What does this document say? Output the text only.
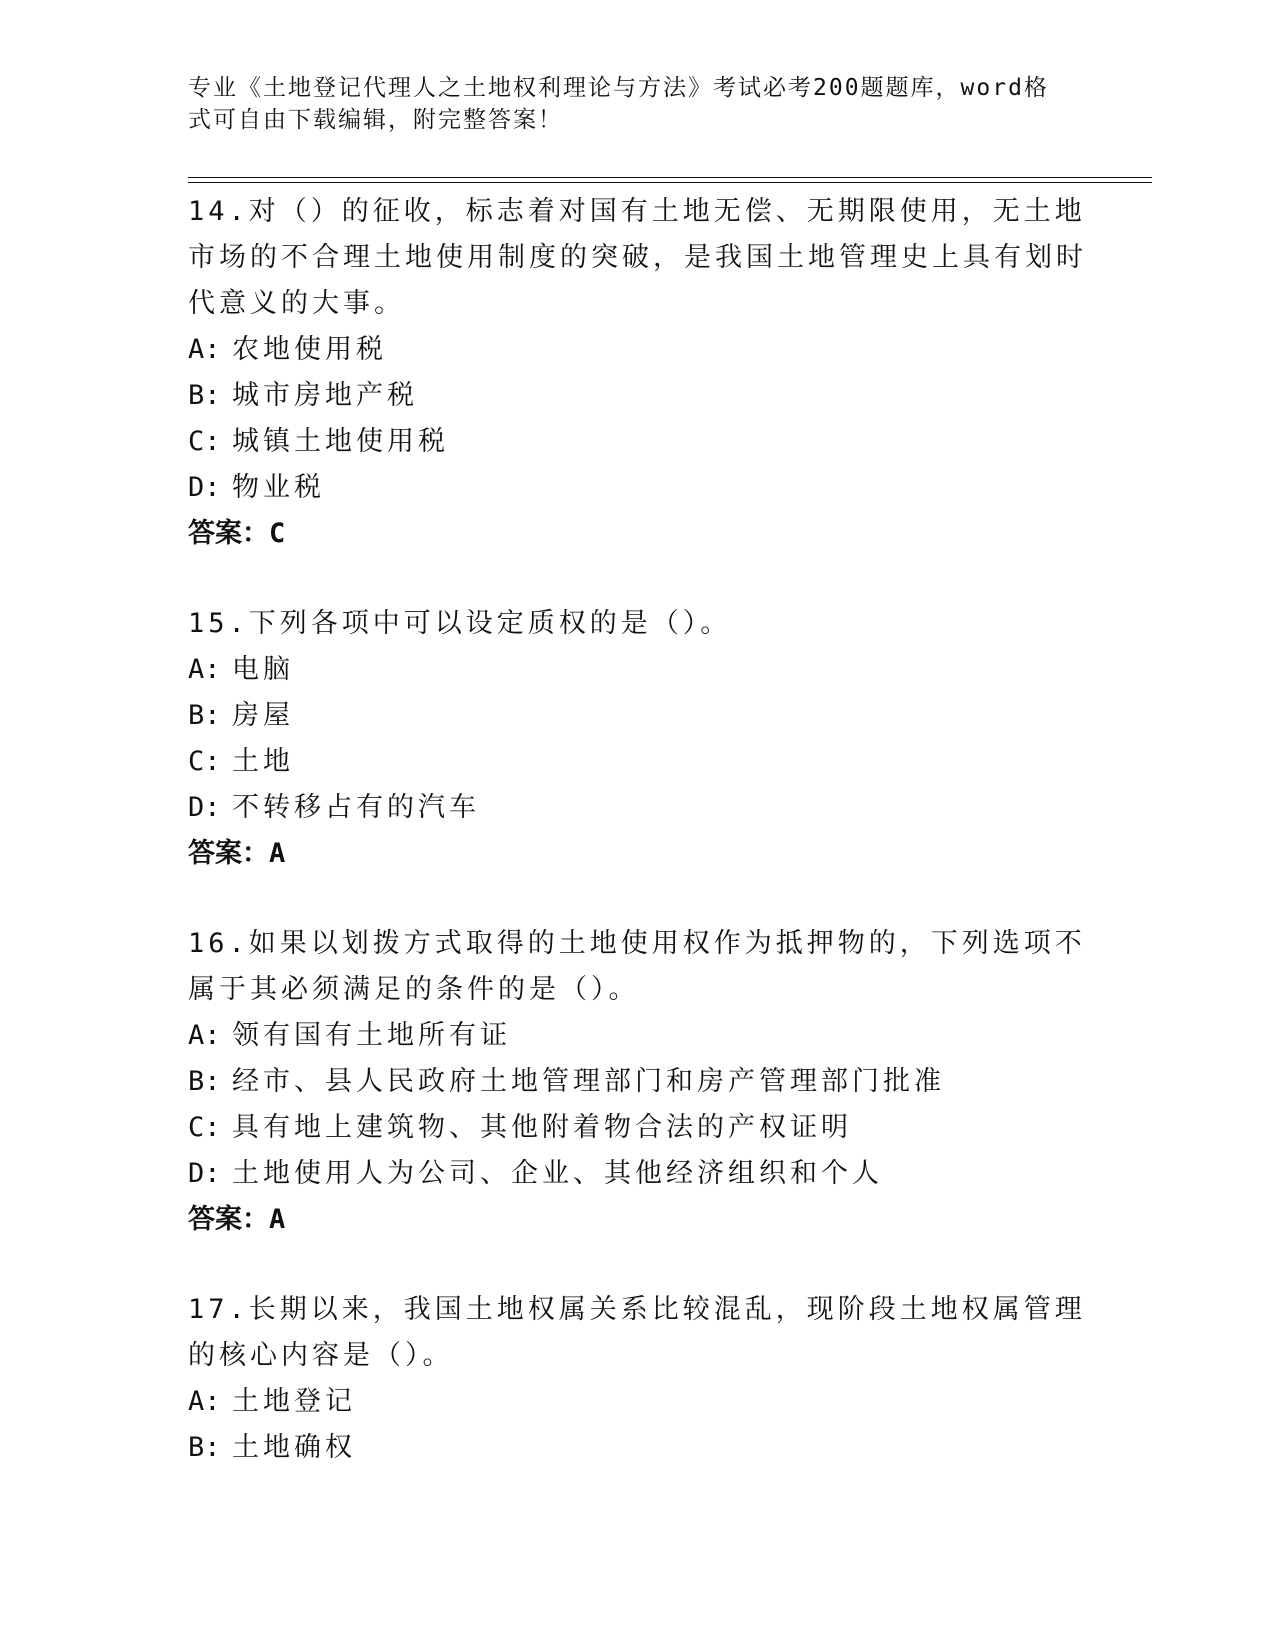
专业《土地登记代理人之土地权利理论与方法》考试必考200题题库，word格式可自由下载编辑，附完整答案！
14.对（）的征收，标志着对国有土地无偿、无期限使用，无土地市场的不合理土地使用制度的突破，是我国土地管理史上具有划时代意义的大事。
A: 农地使用税
B: 城市房地产税
C: 城镇土地使用税
D: 物业税
答案：C
15.下列各项中可以设定质权的是（）。
A: 电脑
B: 房屋
C: 土地
D: 不转移占有的汽车
答案：A
16.如果以划拨方式取得的土地使用权作为抵押物的，下列选项不属于其必须满足的条件的是（）。
A: 领有国有土地所有证
B: 经市、县人民政府土地管理部门和房产管理部门批准
C: 具有地上建筑物、其他附着物合法的产权证明
D: 土地使用人为公司、企业、其他经济组织和个人
答案：A
17.长期以来，我国土地权属关系比较混乱，现阶段土地权属管理的核心内容是（）。
A: 土地登记
B: 土地确权
